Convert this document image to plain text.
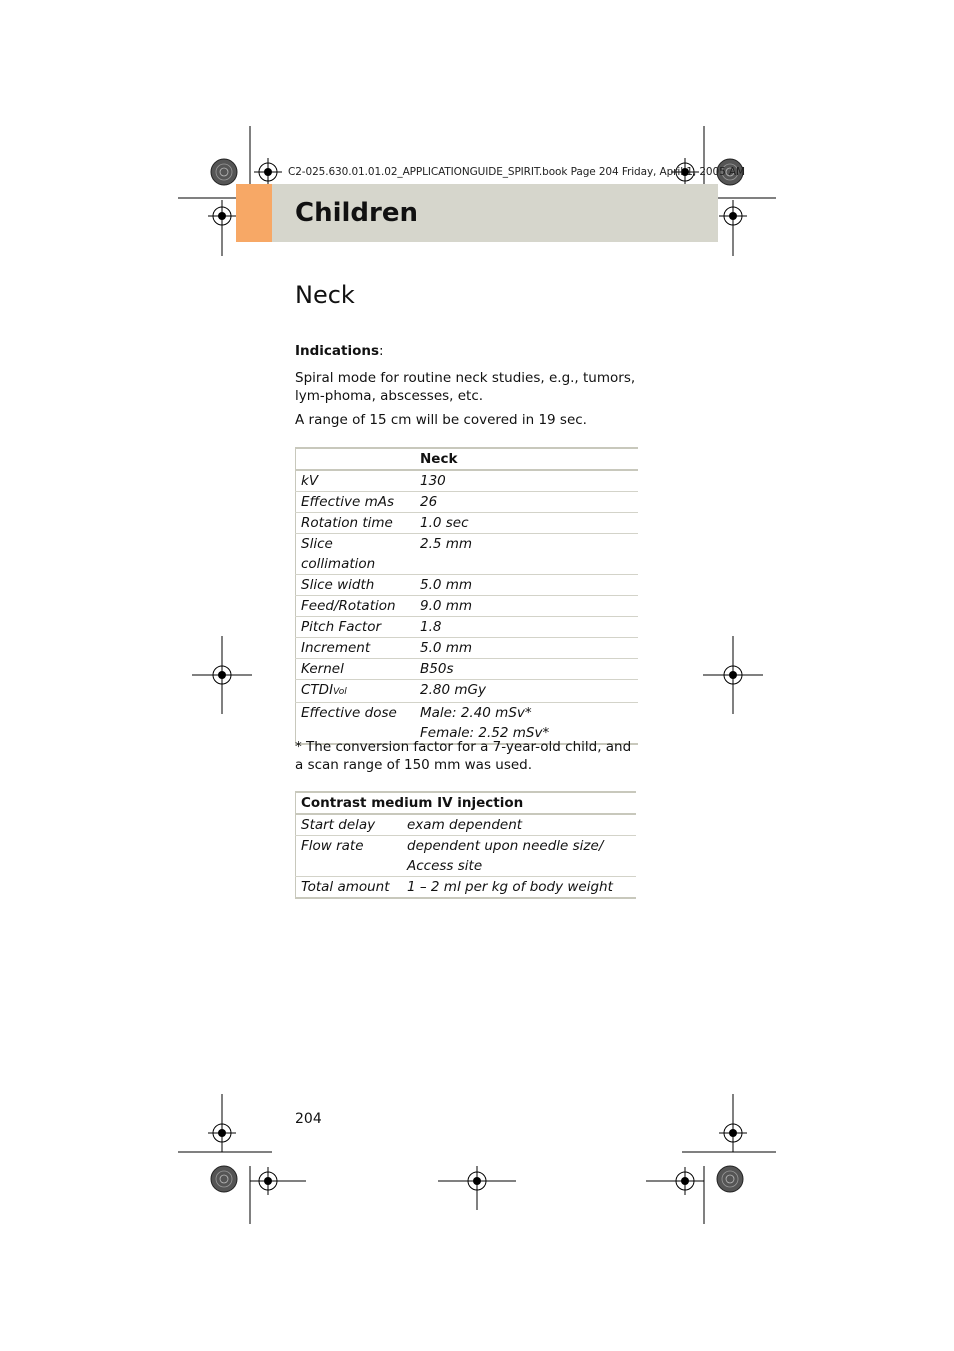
C2-025.630.01.01.02_APPLICATIONGUIDE_SPIRIT.book Page 204 Friday, April 1, 2005 AM
Children
Neck
Indications:
Spiral mode for routine neck studies, e.g., tumors, lym-phoma, abscesses, etc.
A range of 15 cm will be covered in 19 sec.
	Neck
kV	130
Effective mAs	26
Rotation time	1.0 sec
Slice collimation	2.5 mm
Slice width	5.0 mm
Feed/Rotation	9.0 mm
Pitch Factor	1.8
Increment	5.0 mm
Kernel	B50s
CTDIVol	2.80 mGy
Effective dose	Male: 2.40 mSv*
	Female: 2.52 mSv*
* The conversion factor for a 7-year-old child, and a scan range of 150 mm was used.
Contrast medium IV injection	
Start delay	exam dependent
Flow rate	dependent upon needle size/
	Access site
Total amount	1 – 2 ml per kg of body weight
204
